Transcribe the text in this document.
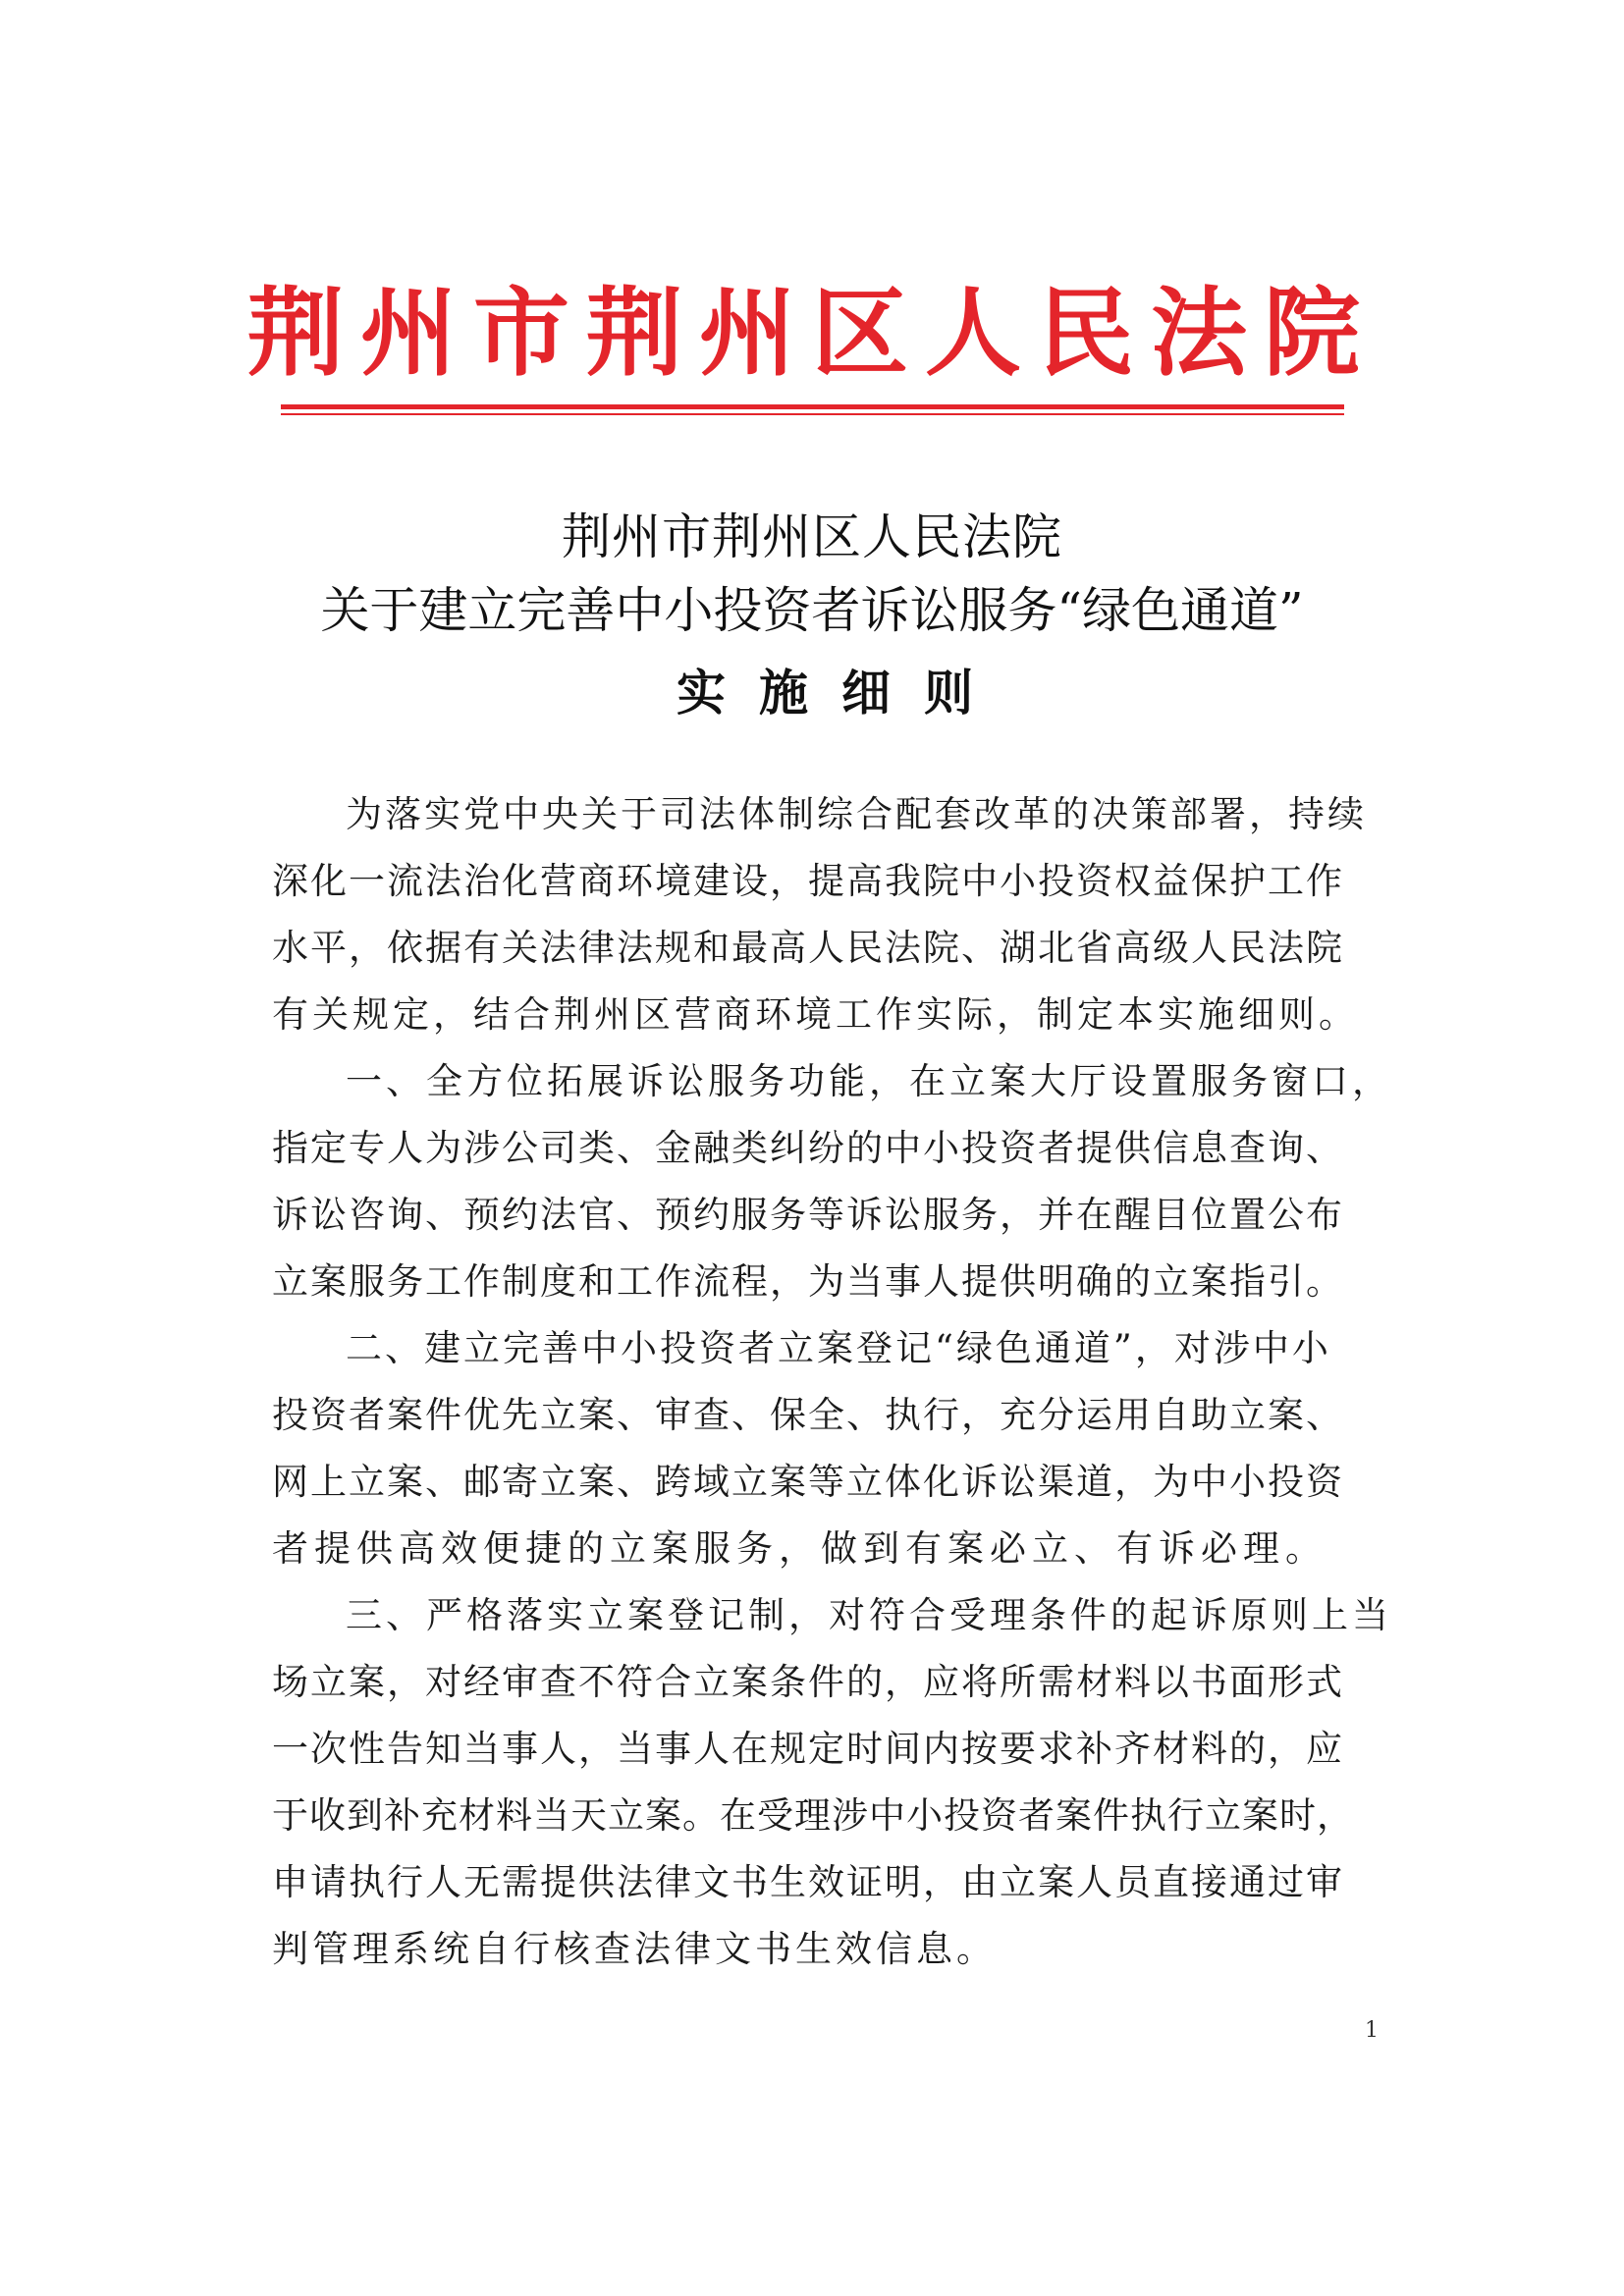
荆州市荆州区人民法院
荆州市荆州区人民法院
关于建立完善中小投资者诉讼服务“绿色通道”
实施细则
为落实党中央关于司法体制综合配套改革的决策部署，持续
深化一流法治化营商环境建设，提高我院中小投资权益保护工作
水平，依据有关法律法规和最高人民法院、湖北省高级人民法院
有关规定，结合荆州区营商环境工作实际，制定本实施细则。
一、全方位拓展诉讼服务功能，在立案大厅设置服务窗口，
指定专人为涉公司类、金融类纠纷的中小投资者提供信息查询、
诉讼咨询、预约法官、预约服务等诉讼服务，并在醒目位置公布
立案服务工作制度和工作流程，为当事人提供明确的立案指引。
二、建立完善中小投资者立案登记“绿色通道”，对涉中小
投资者案件优先立案、审查、保全、执行，充分运用自助立案、
网上立案、邮寄立案、跨域立案等立体化诉讼渠道，为中小投资
者提供高效便捷的立案服务，做到有案必立、有诉必理。
三、严格落实立案登记制，对符合受理条件的起诉原则上当
场立案，对经审查不符合立案条件的，应将所需材料以书面形式
一次性告知当事人，当事人在规定时间内按要求补齐材料的，应
于收到补充材料当天立案。在受理涉中小投资者案件执行立案时，
申请执行人无需提供法律文书生效证明，由立案人员直接通过审
判管理系统自行核查法律文书生效信息。
1
